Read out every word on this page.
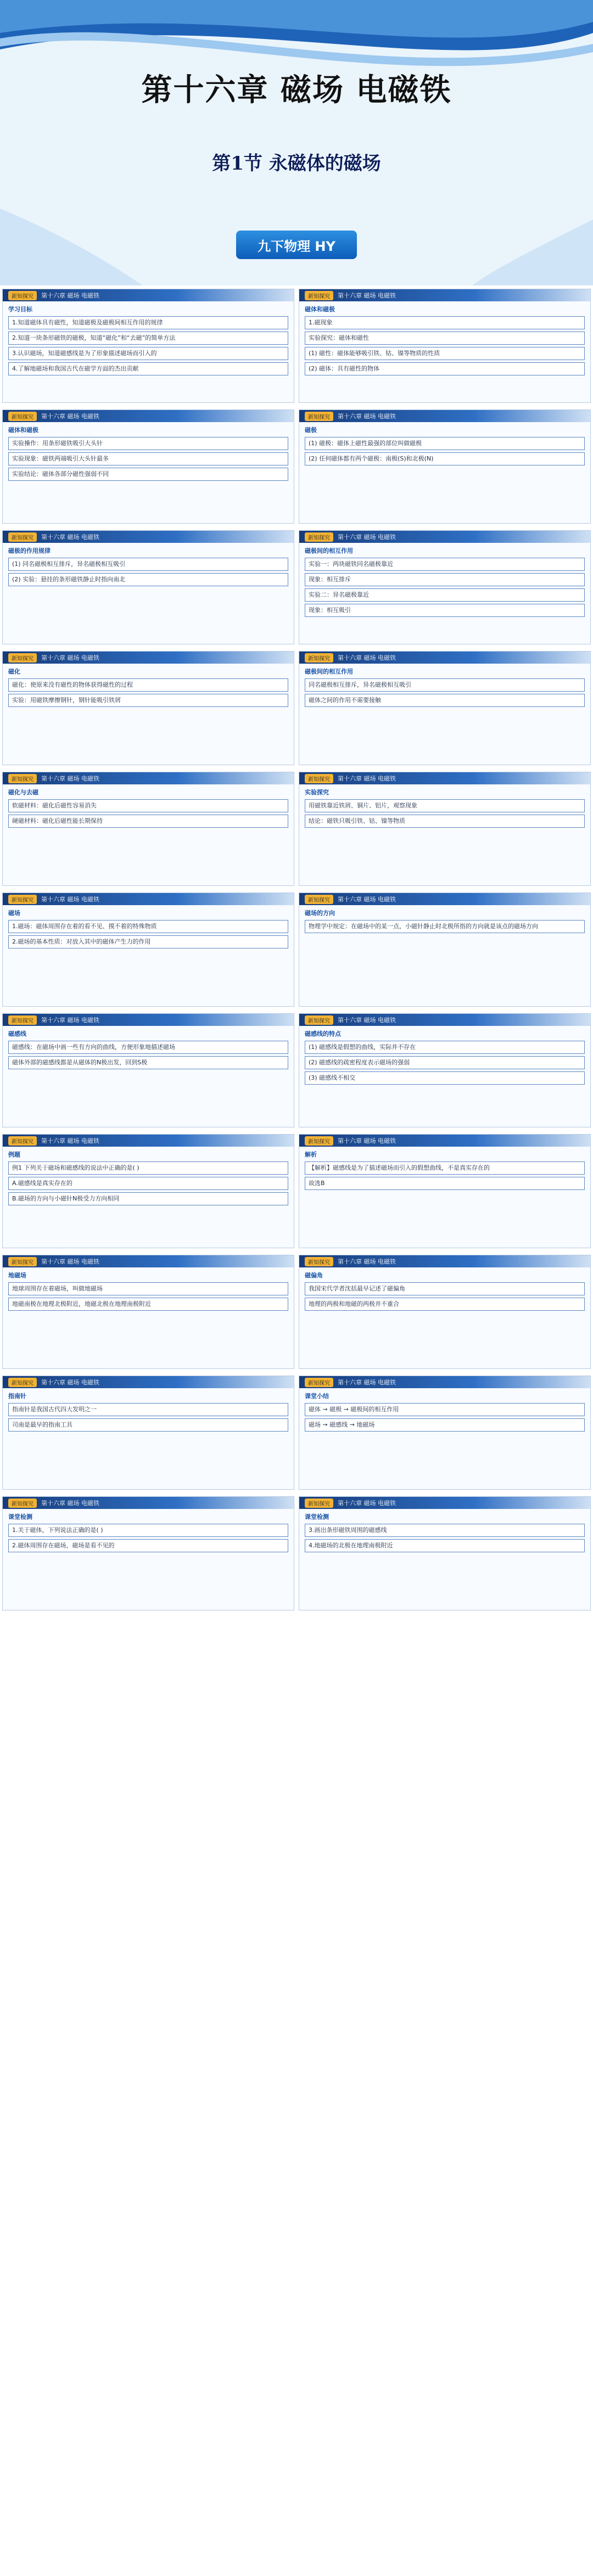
第十六章 磁场 电磁铁
第1节 永磁体的磁场
九下物理 HY
新知探究	第十六章 磁场 电磁铁
学习目标
1.知道磁体具有磁性，知道磁极及磁极间相互作用的规律
2.知道一块条形磁铁的磁极，知道“磁化”和“去磁”的简单方法
3.认识磁场，知道磁感线是为了形象描述磁场而引入的
4.了解地磁场和我国古代在磁学方面的杰出贡献
新知探究	第十六章 磁场 电磁铁
磁体和磁极
1.磁现象
实验探究：磁体和磁性
(1) 磁性：磁体能够吸引铁、钴、镍等物质的性质
(2) 磁体：具有磁性的物体
新知探究	第十六章 磁场 电磁铁
磁体和磁极
实验操作：用条形磁铁吸引大头针
实验现象：磁铁两端吸引大头针最多
实验结论：磁体各部分磁性强弱不同
新知探究	第十六章 磁场 电磁铁
磁极
(1) 磁极：磁体上磁性最强的部位叫做磁极
(2) 任何磁体都有两个磁极：南极(S)和北极(N)
新知探究	第十六章 磁场 电磁铁
磁极的作用规律
(1) 同名磁极相互排斥，异名磁极相互吸引
(2) 实验：悬挂的条形磁铁静止时指向南北
新知探究	第十六章 磁场 电磁铁
磁极间的相互作用
实验一：两块磁铁同名磁极靠近
现象：相互排斥
实验二：异名磁极靠近
现象：相互吸引
新知探究	第十六章 磁场 电磁铁
磁化
磁化：使原来没有磁性的物体获得磁性的过程
实验：用磁铁摩擦钢针，钢针能吸引铁屑
新知探究	第十六章 磁场 电磁铁
磁极间的相互作用
同名磁极相互排斥，异名磁极相互吸引
磁体之间的作用不需要接触
新知探究	第十六章 磁场 电磁铁
磁化与去磁
软磁材料：磁化后磁性容易消失
硬磁材料：磁化后磁性能长期保持
新知探究	第十六章 磁场 电磁铁
实验探究
用磁铁靠近铁屑、铜片、铝片，观察现象
结论：磁铁只吸引铁、钴、镍等物质
新知探究	第十六章 磁场 电磁铁
磁场
1.磁场：磁体周围存在着的看不见、摸不着的特殊物质
2.磁场的基本性质：对放入其中的磁体产生力的作用
新知探究	第十六章 磁场 电磁铁
磁场的方向
物理学中规定：在磁场中的某一点，小磁针静止时北极所指的方向就是该点的磁场方向
新知探究	第十六章 磁场 电磁铁
磁感线
磁感线：在磁场中画一些有方向的曲线，方便形象地描述磁场
磁体外部的磁感线都是从磁体的N极出发，回到S极
新知探究	第十六章 磁场 电磁铁
磁感线的特点
(1) 磁感线是假想的曲线，实际并不存在
(2) 磁感线的疏密程度表示磁场的强弱
(3) 磁感线不相交
新知探究	第十六章 磁场 电磁铁
例题
例1 下列关于磁场和磁感线的说法中正确的是( )
A.磁感线是真实存在的
B.磁场的方向与小磁针N极受力方向相同
新知探究	第十六章 磁场 电磁铁
解析
【解析】磁感线是为了描述磁场而引入的假想曲线，不是真实存在的
故选B
新知探究	第十六章 磁场 电磁铁
地磁场
地球周围存在着磁场，叫做地磁场
地磁南极在地理北极附近，地磁北极在地理南极附近
新知探究	第十六章 磁场 电磁铁
磁偏角
我国宋代学者沈括最早记述了磁偏角
地理的两极和地磁的两极并不重合
新知探究	第十六章 磁场 电磁铁
指南针
指南针是我国古代四大发明之一
司南是最早的指南工具
新知探究	第十六章 磁场 电磁铁
课堂小结
磁体 → 磁极 → 磁极间的相互作用
磁场 → 磁感线 → 地磁场
新知探究	第十六章 磁场 电磁铁
课堂检测
1.关于磁体，下列说法正确的是( )
2.磁体周围存在磁场，磁场是看不见的
新知探究	第十六章 磁场 电磁铁
课堂检测
3.画出条形磁铁周围的磁感线
4.地磁场的北极在地理南极附近
